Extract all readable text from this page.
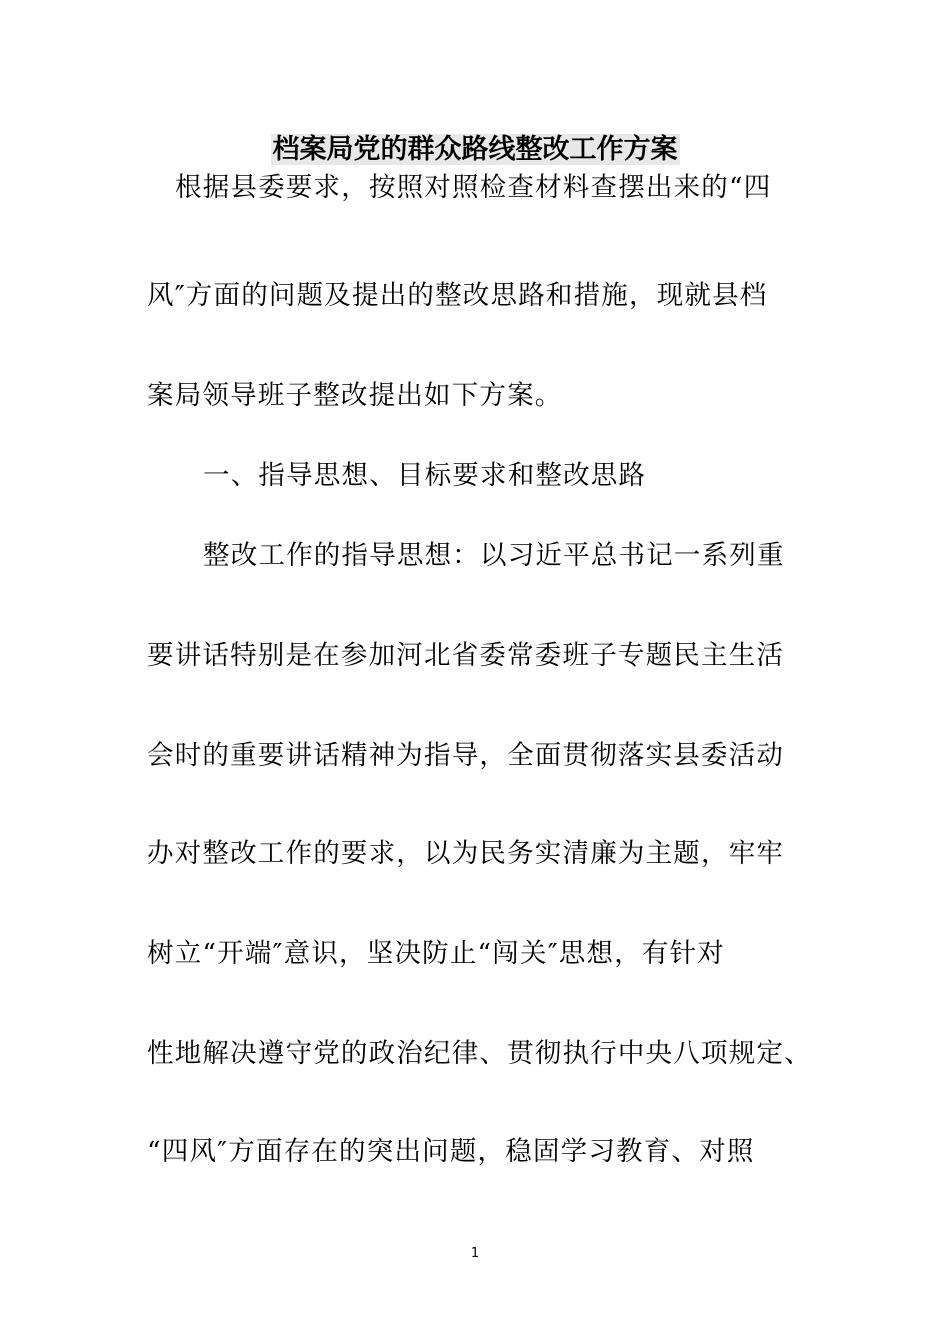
档案局党的群众路线整改工作方案
根据县委要求，按照对照检查材料查摆出来的“四
风″方面的问题及提出的整改思路和措施，现就县档
案局领导班子整改提出如下方案。
一、指导思想、目标要求和整改思路
整改工作的指导思想：以习近平总书记一系列重
要讲话特别是在参加河北省委常委班子专题民主生活
会时的重要讲话精神为指导，全面贯彻落实县委活动
办对整改工作的要求，以为民务实清廉为主题，牢牢
树立“开端″意识，坚决防止“闯关″思想，有针对
性地解决遵守党的政治纪律、贯彻执行中央八项规定、
“四风″方面存在的突出问题，稳固学习教育、对照
1
